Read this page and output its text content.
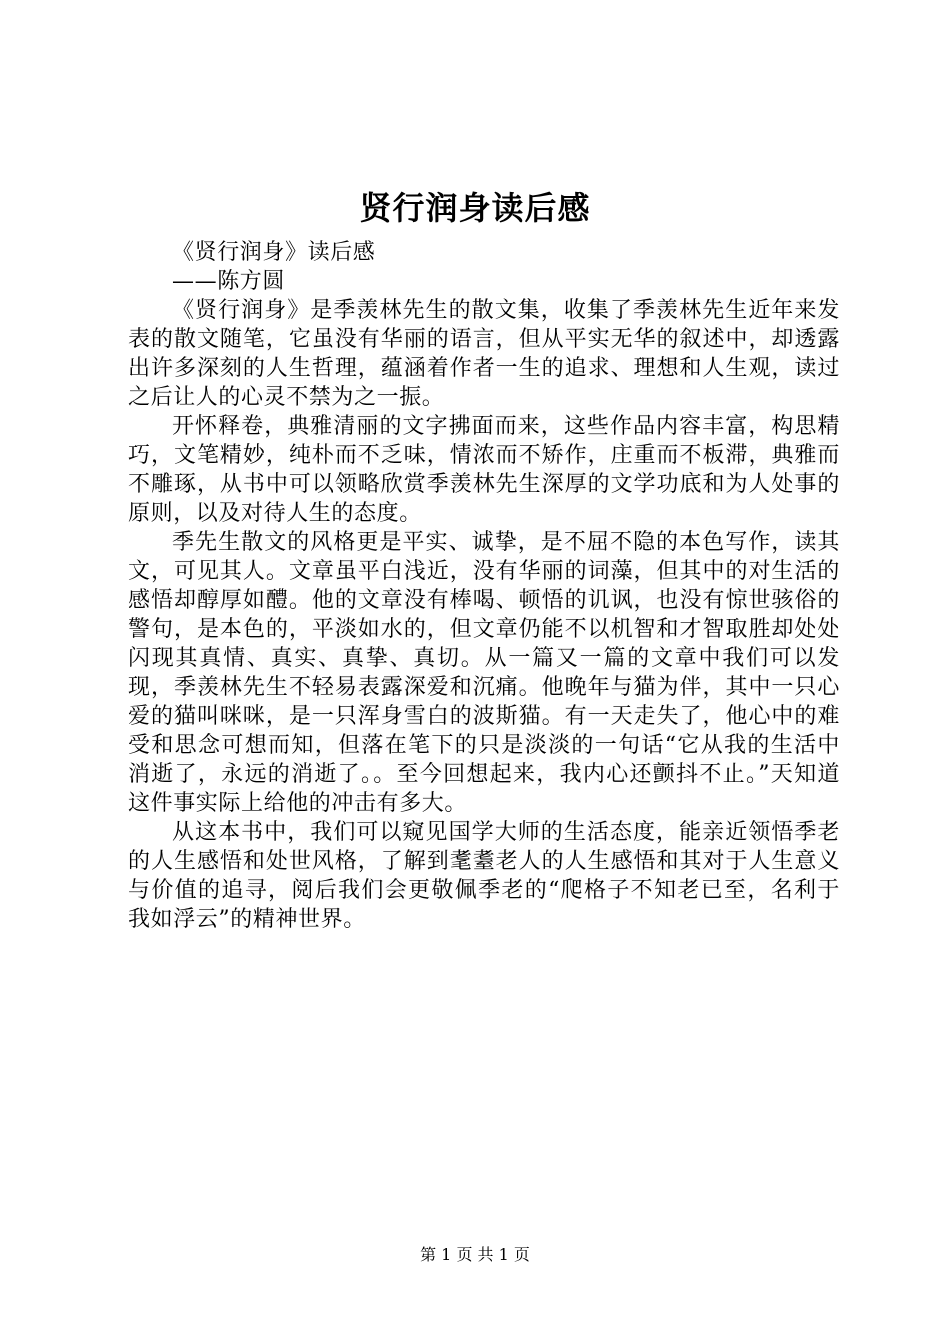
贤行润身读后感

《贤行润身》读后感

——陈方圆

《贤行润身》是季羡林先生的散文集，收集了季羡林先生近年来发表的散文随笔，它虽没有华丽的语言，但从平实无华的叙述中，却透露出许多深刻的人生哲理，蕴涵着作者一生的追求、理想和人生观，读过之后让人的心灵不禁为之一振。

开怀释卷，典雅清丽的文字拂面而来，这些作品内容丰富，构思精巧，文笔精妙，纯朴而不乏味，情浓而不矫作，庄重而不板滞，典雅而不雕琢，从书中可以领略欣赏季羡林先生深厚的文学功底和为人处事的原则，以及对待人生的态度。

季先生散文的风格更是平实、诚挚，是不屈不隐的本色写作，读其文，可见其人。文章虽平白浅近，没有华丽的词藻，但其中的对生活的感悟却醇厚如醴。他的文章没有棒喝、顿悟的讥讽，也没有惊世骇俗的警句，是本色的，平淡如水的，但文章仍能不以机智和才智取胜却处处闪现其真情、真实、真挚、真切。从一篇又一篇的文章中我们可以发现，季羡林先生不轻易表露深爱和沉痛。他晚年与猫为伴，其中一只心爱的猫叫咪咪，是一只浑身雪白的波斯猫。有一天走失了，他心中的难受和思念可想而知，但落在笔下的只是淡淡的一句话“它从我的生活中消逝了，永远的消逝了。。至今回想起来，我内心还颤抖不止。”天知道这件事实际上给他的冲击有多大。

从这本书中，我们可以窥见国学大师的生活态度，能亲近领悟季老的人生感悟和处世风格，了解到耄耋老人的人生感悟和其对于人生意义与价值的追寻，阅后我们会更敬佩季老的“爬格子不知老已至，名利于我如浮云”的精神世界。

第 1 页 共 1 页
